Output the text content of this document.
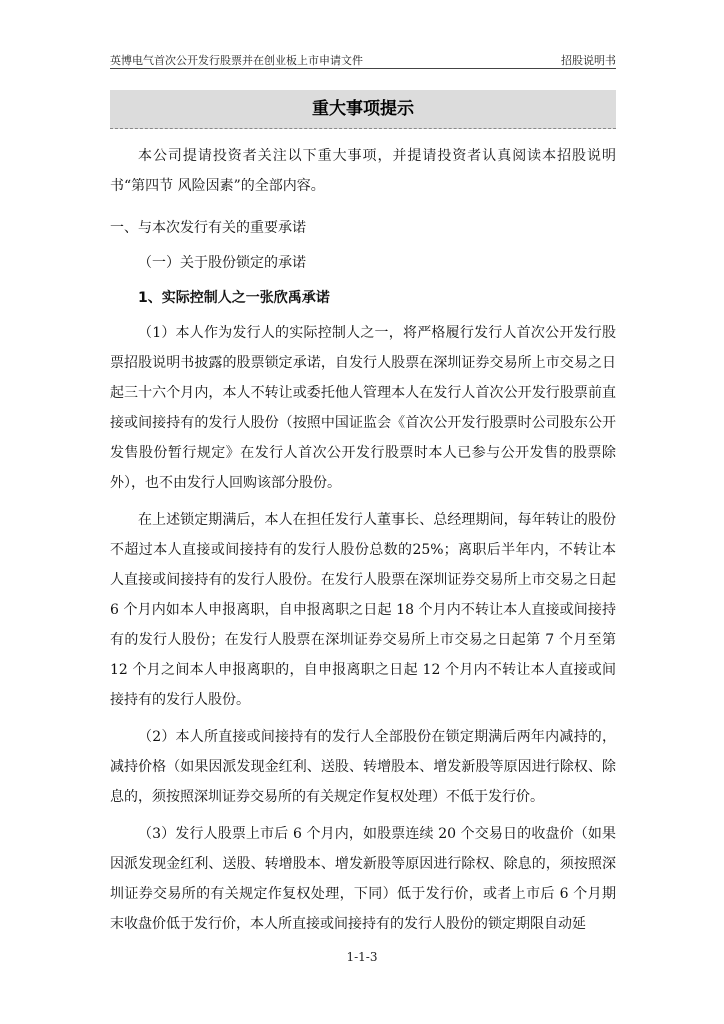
英博电气首次公开发行股票并在创业板上市申请文件	招股说明书
重大事项提示

本公司提请投资者关注以下重大事项，并提请投资者认真阅读本招股说明书“第四节 风险因素”的全部内容。

一、与本次发行有关的重要承诺
（一）关于股份锁定的承诺
1、实际控制人之一张欣禹承诺

（1）本人作为发行人的实际控制人之一，将严格履行发行人首次公开发行股票招股说明书披露的股票锁定承诺，自发行人股票在深圳证券交易所上市交易之日起三十六个月内，本人不转让或委托他人管理本人在发行人首次公开发行股票前直接或间接持有的发行人股份（按照中国证监会《首次公开发行股票时公司股东公开发售股份暂行规定》在发行人首次公开发行股票时本人已参与公开发售的股票除外），也不由发行人回购该部分股份。

在上述锁定期满后，本人在担任发行人董事长、总经理期间，每年转让的股份不超过本人直接或间接持有的发行人股份总数的25%；离职后半年内，不转让本人直接或间接持有的发行人股份。在发行人股票在深圳证券交易所上市交易之日起 6 个月内如本人申报离职，自申报离职之日起 18 个月内不转让本人直接或间接持有的发行人股份；在发行人股票在深圳证券交易所上市交易之日起第 7 个月至第 12 个月之间本人申报离职的，自申报离职之日起 12 个月内不转让本人直接或间接持有的发行人股份。

（2）本人所直接或间接持有的发行人全部股份在锁定期满后两年内减持的，减持价格（如果因派发现金红利、送股、转增股本、增发新股等原因进行除权、除息的，须按照深圳证券交易所的有关规定作复权处理）不低于发行价。

（3）发行人股票上市后 6 个月内，如股票连续 20 个交易日的收盘价（如果因派发现金红利、送股、转增股本、增发新股等原因进行除权、除息的，须按照深圳证券交易所的有关规定作复权处理，下同）低于发行价，或者上市后 6 个月期末收盘价低于发行价，本人所直接或间接持有的发行人股份的锁定期限自动延

1-1-3
